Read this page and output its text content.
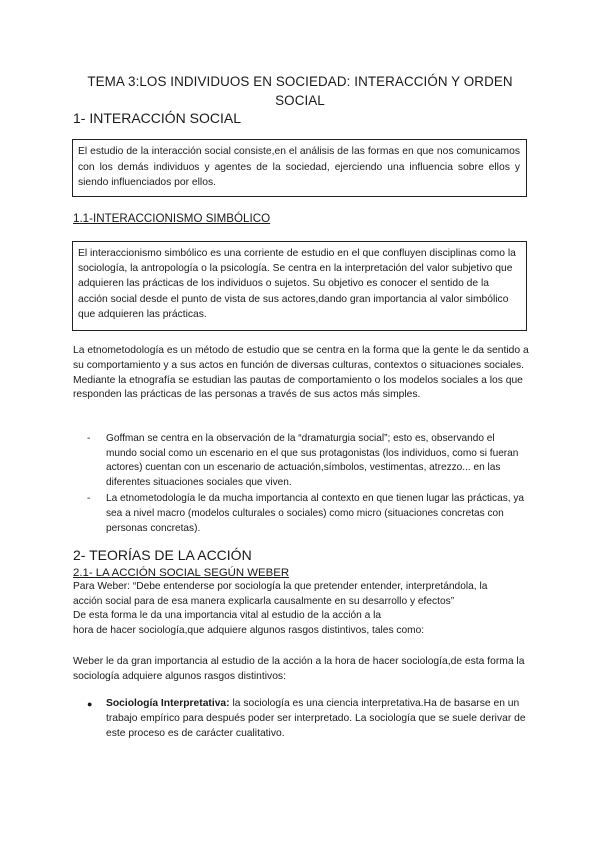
TEMA 3:LOS INDIVIDUOS EN SOCIEDAD: INTERACCIÓN Y ORDEN SOCIAL
1- INTERACCIÓN SOCIAL
El estudio de la interacción social consiste,en el análisis de las formas en que nos comunicamos con los demás individuos y agentes de la sociedad, ejerciendo una influencia sobre ellos y siendo influenciados por ellos.
1.1-INTERACCIONISMO SIMBÓLICO
El interaccionismo simbólico es una corriente de estudio en el que confluyen disciplinas como la sociología, la antropología o la psicología. Se centra en la interpretación del valor subjetivo que adquieren las prácticas de los individuos o sujetos. Su objetivo es conocer el sentido de la acción social desde el punto de vista de sus actores,dando gran importancia al valor simbólico que adquieren las prácticas.
La etnometodología es un método de estudio que se centra en la forma que la gente le da sentido a su comportamiento y a sus actos en función de diversas culturas, contextos o situaciones sociales. Mediante la etnografía se estudian las pautas de comportamiento o los modelos sociales a los que responden las prácticas de las personas a través de sus actos más simples.
- Goffman se centra en la observación de la “dramaturgia social”; esto es, observando el mundo social como un escenario en el que sus protagonistas (los individuos, como si fueran actores) cuentan con un escenario de actuación,símbolos, vestimentas, atrezzo... en las diferentes situaciones sociales que viven.
- La etnometodología le da mucha importancia al contexto en que tienen lugar las prácticas, ya sea a nivel macro (modelos culturales o sociales) como micro (situaciones concretas con personas concretas).
2- TEORÍAS DE LA ACCIÓN
2.1- LA ACCIÓN SOCIAL SEGÚN WEBER
Para Weber: “Debe entenderse por sociología la que pretender entender, interpretándola, la
acción social para de esa manera explicarla causalmente en su desarrollo y efectos”
De esta forma le da una importancia vital al estudio de la acción a la
hora de hacer sociología,que adquiere algunos rasgos distintivos, tales como:
Weber le da gran importancia al estudio de la acción a la hora de hacer sociología,de esta forma la sociología adquiere algunos rasgos distintivos:
● Sociología Interpretativa: la sociología es una ciencia interpretativa.Ha de basarse en un trabajo empírico para después poder ser interpretado. La sociología que se suele derivar de este proceso es de carácter cualitativo.
